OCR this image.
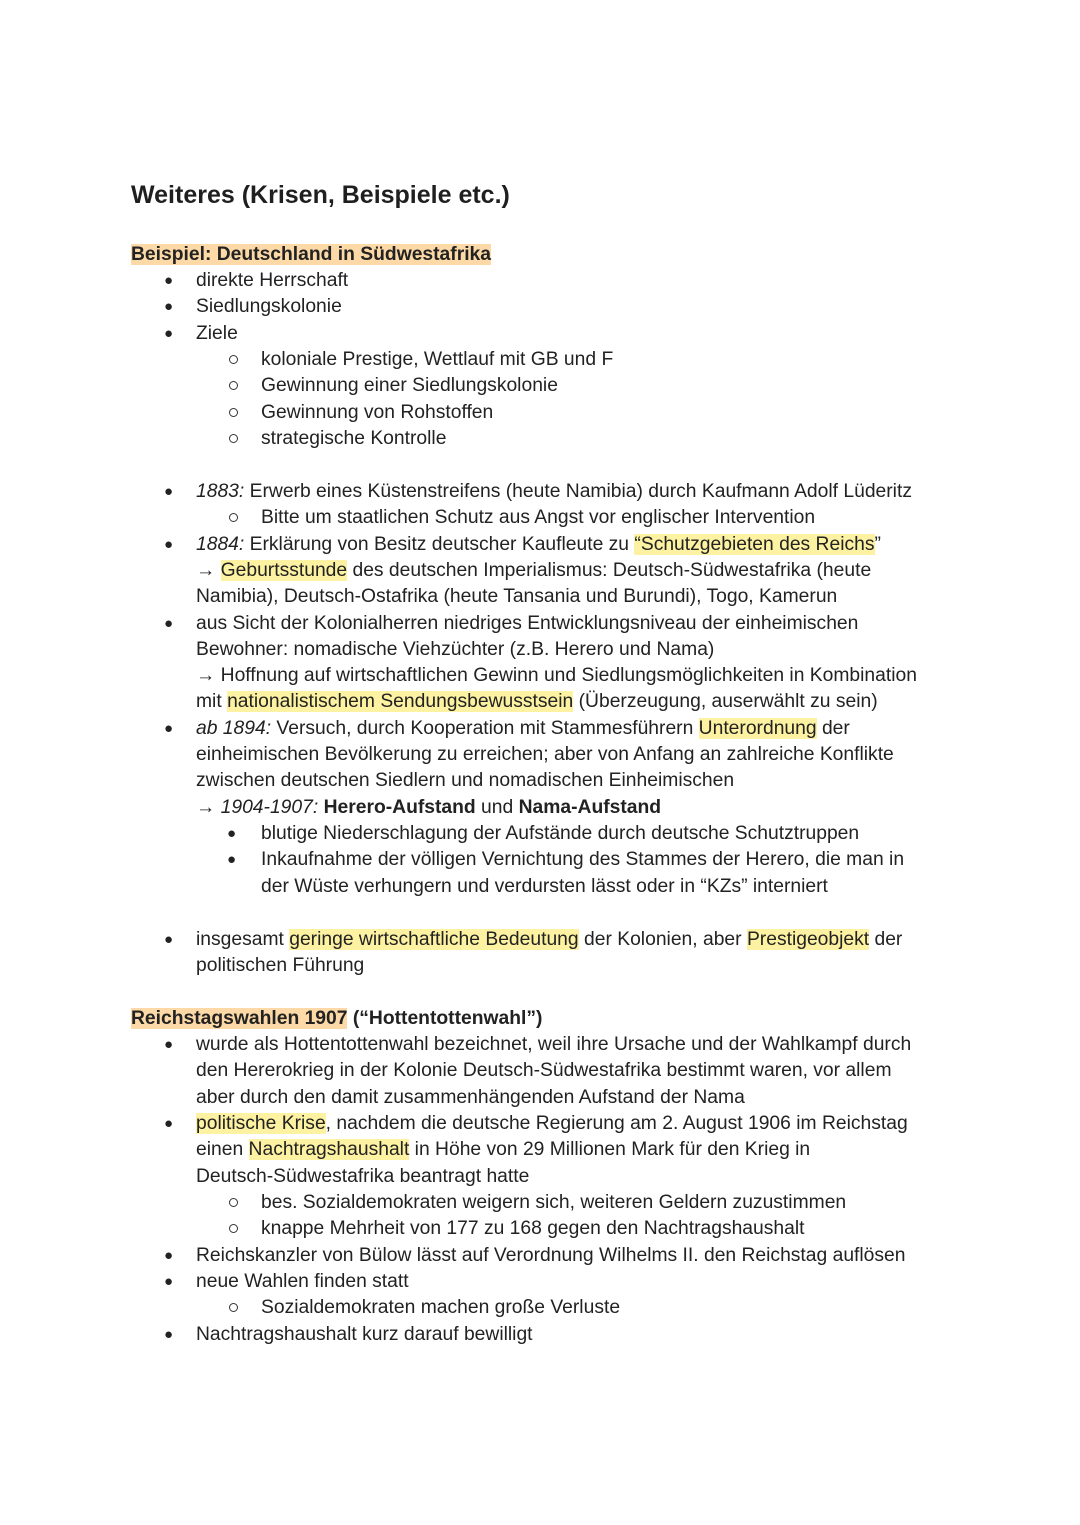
Weiteres (Krisen, Beispiele etc.)
Beispiel: Deutschland in Südwestafrika
● direkte Herrschaft
● Siedlungskolonie
● Ziele
koloniale Prestige, Wettlauf mit GB und F
Gewinnung einer Siedlungskolonie
Gewinnung von Rohstoffen
strategische Kontrolle
● 1883: Erwerb eines Küstenstreifens (heute Namibia) durch Kaufmann Adolf Lüderitz
Bitte um staatlichen Schutz aus Angst vor englischer Intervention
● 1884: Erklärung von Besitz deutscher Kaufleute zu “Schutzgebieten des Reichs”
→ Geburtsstunde des deutschen Imperialismus: Deutsch-Südwestafrika (heute
Namibia), Deutsch-Ostafrika (heute Tansania und Burundi), Togo, Kamerun
● aus Sicht der Kolonialherren niedriges Entwicklungsniveau der einheimischen
Bewohner: nomadische Viehzüchter (z.B. Herero und Nama)
→ Hoffnung auf wirtschaftlichen Gewinn und Siedlungsmöglichkeiten in Kombination
mit nationalistischem Sendungsbewusstsein (Überzeugung, auserwählt zu sein)
● ab 1894: Versuch, durch Kooperation mit Stammesführern Unterordnung der
einheimischen Bevölkerung zu erreichen; aber von Anfang an zahlreiche Konflikte
zwischen deutschen Siedlern und nomadischen Einheimischen
→ 1904-1907: Herero-Aufstand und Nama-Aufstand
● blutige Niederschlagung der Aufstände durch deutsche Schutztruppen
● Inkaufnahme der völligen Vernichtung des Stammes der Herero, die man in
der Wüste verhungern und verdursten lässt oder in “KZs” interniert
● insgesamt geringe wirtschaftliche Bedeutung der Kolonien, aber Prestigeobjekt der
politischen Führung
Reichstagswahlen 1907 (“Hottentottenwahl”)
● wurde als Hottentottenwahl bezeichnet, weil ihre Ursache und der Wahlkampf durch
den Hererokrieg in der Kolonie Deutsch-Südwestafrika bestimmt waren, vor allem
aber durch den damit zusammenhängenden Aufstand der Nama
● politische Krise, nachdem die deutsche Regierung am 2. August 1906 im Reichstag
einen Nachtragshaushalt in Höhe von 29 Millionen Mark für den Krieg in
Deutsch-Südwestafrika beantragt hatte
bes. Sozialdemokraten weigern sich, weiteren Geldern zuzustimmen
knappe Mehrheit von 177 zu 168 gegen den Nachtragshaushalt
● Reichskanzler von Bülow lässt auf Verordnung Wilhelms II. den Reichstag auflösen
● neue Wahlen finden statt
Sozialdemokraten machen große Verluste
● Nachtragshaushalt kurz darauf bewilligt
